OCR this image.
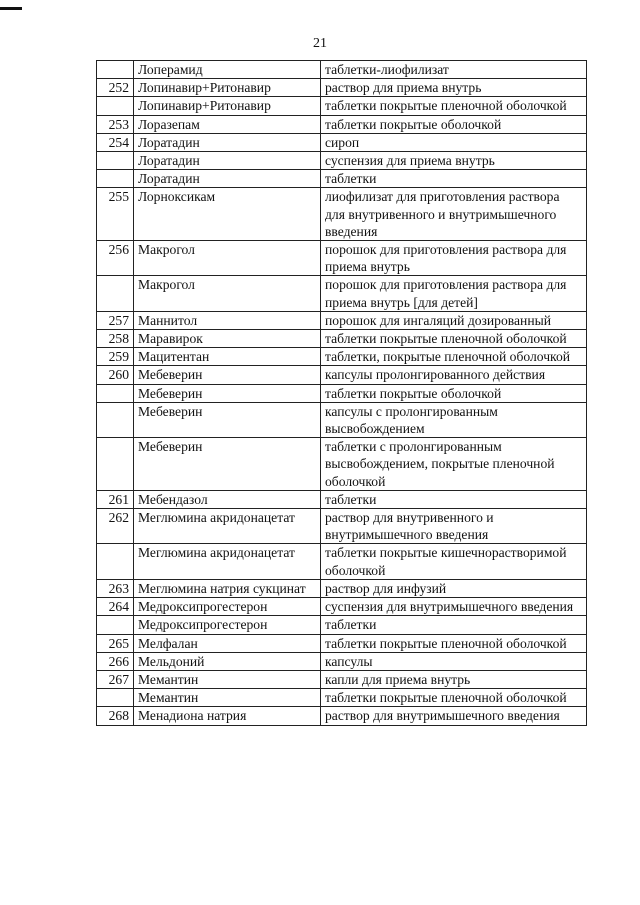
21
	Лоперамид	таблетки-лиофилизат
252	Лопинавир+Ритонавир	раствор для приема внутрь
	Лопинавир+Ритонавир	таблетки покрытые пленочной оболочкой
253	Лоразепам	таблетки покрытые оболочкой
254	Лоратадин	сироп
	Лоратадин	суспензия для приема внутрь
	Лоратадин	таблетки
255	Лорноксикам	лиофилизат для приготовления раствора для внутривенного и внутримышечного введения
256	Макрогол	порошок для приготовления раствора для приема внутрь
	Макрогол	порошок для приготовления раствора для приема внутрь [для детей]
257	Маннитол	порошок для ингаляций дозированный
258	Маравирок	таблетки покрытые пленочной оболочкой
259	Мацитентан	таблетки, покрытые пленочной оболочкой
260	Мебеверин	капсулы пролонгированного действия
	Мебеверин	таблетки покрытые оболочкой
	Мебеверин	капсулы с пролонгированным высвобождением
	Мебеверин	таблетки с пролонгированным высвобождением, покрытые пленочной оболочкой
261	Мебендазол	таблетки
262	Меглюмина акридонацетат	раствор для внутривенного и внутримышечного введения
	Меглюмина акридонацетат	таблетки покрытые кишечнорастворимой оболочкой
263	Меглюмина натрия сукцинат	раствор для инфузий
264	Медроксипрогестерон	суспензия для внутримышечного введения
	Медроксипрогестерон	таблетки
265	Мелфалан	таблетки покрытые пленочной оболочкой
266	Мельдоний	капсулы
267	Мемантин	капли для приема внутрь
	Мемантин	таблетки покрытые пленочной оболочкой
268	Менадиона натрия	раствор для внутримышечного введения
